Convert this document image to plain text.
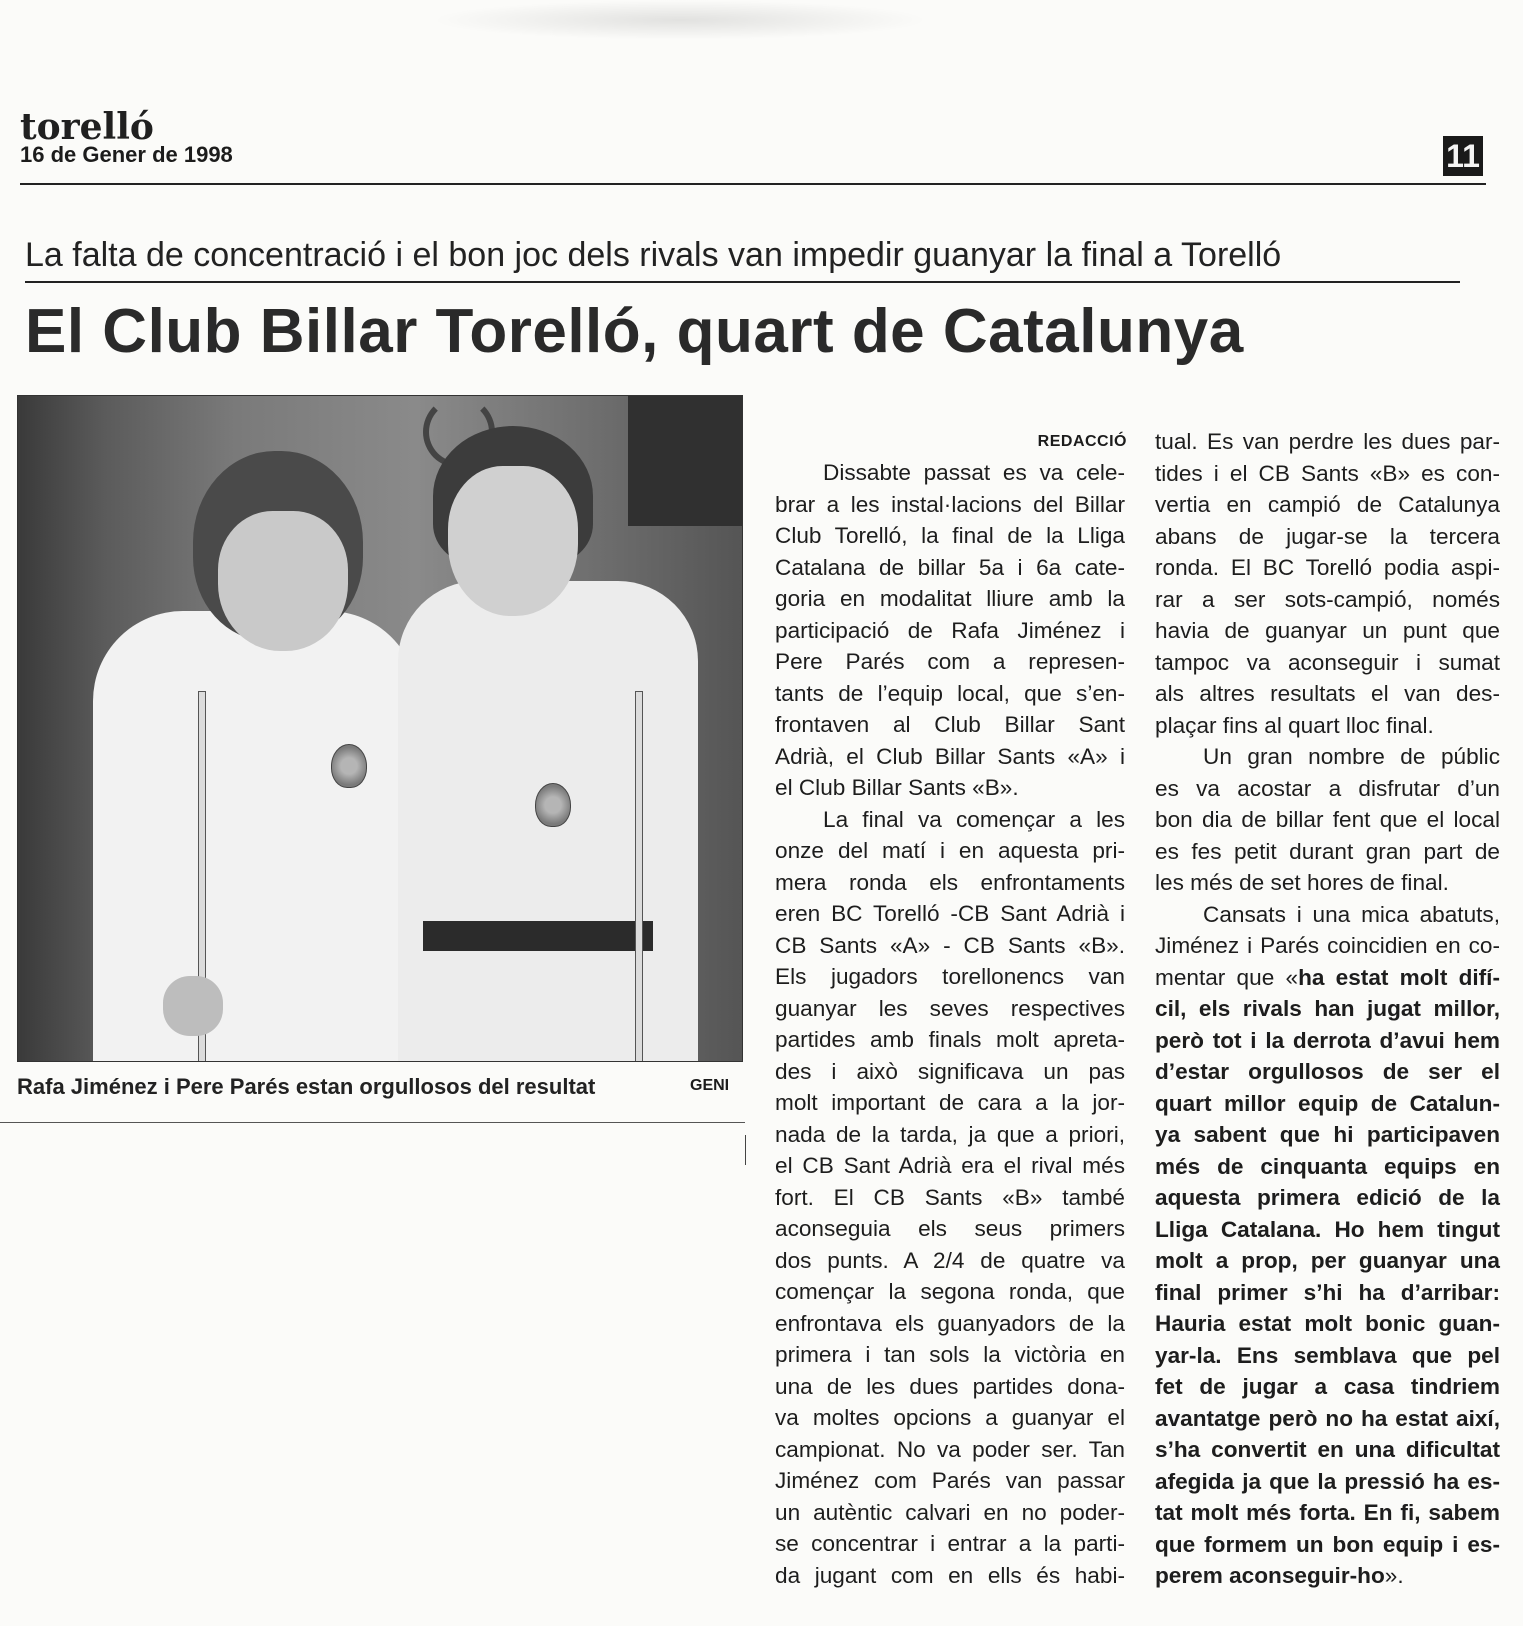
torelló
16 de Gener de 1998	11
La falta de concentració i el bon joc dels rivals van impedir guanyar la final a Torelló
El Club Billar Torelló, quart de Catalunya
Rafa Jiménez i Pere Parés estan orgullosos del resultat	GENI
REDACCIÓ
Dissabte passat es va cele-
brar a les instal·lacions del Billar
Club Torelló, la final de la Lliga
Catalana de billar 5a i 6a cate-
goria en modalitat lliure amb la
participació de Rafa Jiménez i
Pere Parés com a represen-
tants de l’equip local, que s’en-
frontaven al Club Billar Sant
Adrià, el Club Billar Sants «A» i
el Club Billar Sants «B».
La final va començar a les
onze del matí i en aquesta pri-
mera ronda els enfrontaments
eren BC Torelló -CB Sant Adrià i
CB Sants «A» - CB Sants «B».
Els jugadors torellonencs van
guanyar les seves respectives
partides amb finals molt apreta-
des i això significava un pas
molt important de cara a la jor-
nada de la tarda, ja que a priori,
el CB Sant Adrià era el rival més
fort. El CB Sants «B» també
aconseguia els seus primers
dos punts. A 2/4 de quatre va
començar la segona ronda, que
enfrontava els guanyadors de la
primera i tan sols la victòria en
una de les dues partides dona-
va moltes opcions a guanyar el
campionat. No va poder ser. Tan
Jiménez com Parés van passar
un autèntic calvari en no poder-
se concentrar i entrar a la parti-
da jugant com en ells és habi-
tual. Es van perdre les dues par-
tides i el CB Sants «B» es con-
vertia en campió de Catalunya
abans de jugar-se la tercera
ronda. El BC Torelló podia aspi-
rar a ser sots-campió, només
havia de guanyar un punt que
tampoc va aconseguir i sumat
als altres resultats el van des-
plaçar fins al quart lloc final.
Un gran nombre de públic
es va acostar a disfrutar d’un
bon dia de billar fent que el local
es fes petit durant gran part de
les més de set hores de final.
Cansats i una mica abatuts,
Jiménez i Parés coincidien en co-
mentar que «ha estat molt difí-
cil, els rivals han jugat millor,
però tot i la derrota d’avui hem
d’estar orgullosos de ser el
quart millor equip de Catalun-
ya sabent que hi participaven
més de cinquanta equips en
aquesta primera edició de la
Lliga Catalana. Ho hem tingut
molt a prop, per guanyar una
final primer s’hi ha d’arribar:
Hauria estat molt bonic guan-
yar-la. Ens semblava que pel
fet de jugar a casa tindriem
avantatge però no ha estat així,
s’ha convertit en una dificultat
afegida ja que la pressió ha es-
tat molt més forta. En fi, sabem
que formem un bon equip i es-
perem aconseguir-ho».
